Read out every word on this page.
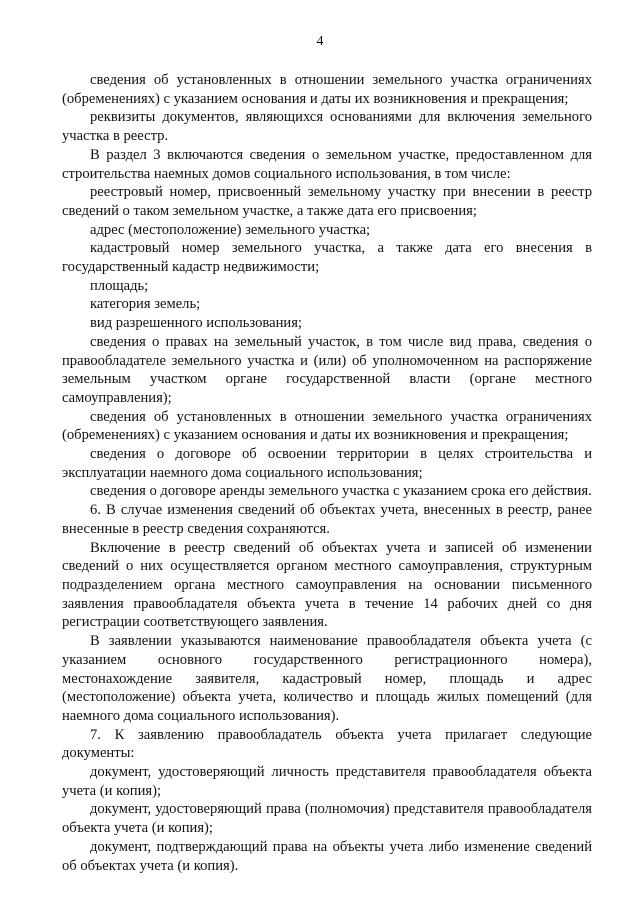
4

сведения об установленных в отношении земельного участка ограничениях (обременениях) с указанием основания и даты их возникновения и прекращения;

реквизиты документов, являющихся основаниями для включения земельного участка в реестр.

В раздел 3 включаются сведения о земельном участке, предоставленном для строительства наемных домов социального использования, в том числе:

реестровый номер, присвоенный земельному участку при внесении в реестр сведений о таком земельном участке, а также дата его присвоения;

адрес (местоположение) земельного участка;

кадастровый номер земельного участка, а также дата его внесения в государственный кадастр недвижимости;

площадь;

категория земель;

вид разрешенного использования;

сведения о правах на земельный участок, в том числе вид права, сведения о правообладателе земельного участка и (или) об уполномоченном на распоряжение земельным участком органе государственной власти (органе местного самоуправления);

сведения об установленных в отношении земельного участка ограничениях (обременениях) с указанием основания и даты их возникновения и прекращения;

сведения о договоре об освоении территории в целях строительства и эксплуатации наемного дома социального использования;

сведения о договоре аренды земельного участка с указанием срока его действия.

6. В случае изменения сведений об объектах учета, внесенных в реестр, ранее внесенные в реестр сведения сохраняются.

Включение в реестр сведений об объектах учета и записей об изменении сведений о них осуществляется органом местного самоуправления, структурным подразделением органа местного самоуправления на основании письменного заявления правообладателя объекта учета в течение 14 рабочих дней со дня регистрации соответствующего заявления.

В заявлении указываются наименование правообладателя объекта учета (с указанием основного государственного регистрационного номера), местонахождение заявителя, кадастровый номер, площадь и адрес (местоположение) объекта учета, количество и площадь жилых помещений (для наемного дома социального использования).

7. К заявлению правообладатель объекта учета прилагает следующие документы:

документ, удостоверяющий личность представителя правообладателя объекта учета (и копия);

документ, удостоверяющий права (полномочия) представителя правообладателя объекта учета (и копия);

документ, подтверждающий права на объекты учета либо изменение сведений об объектах учета (и копия).
